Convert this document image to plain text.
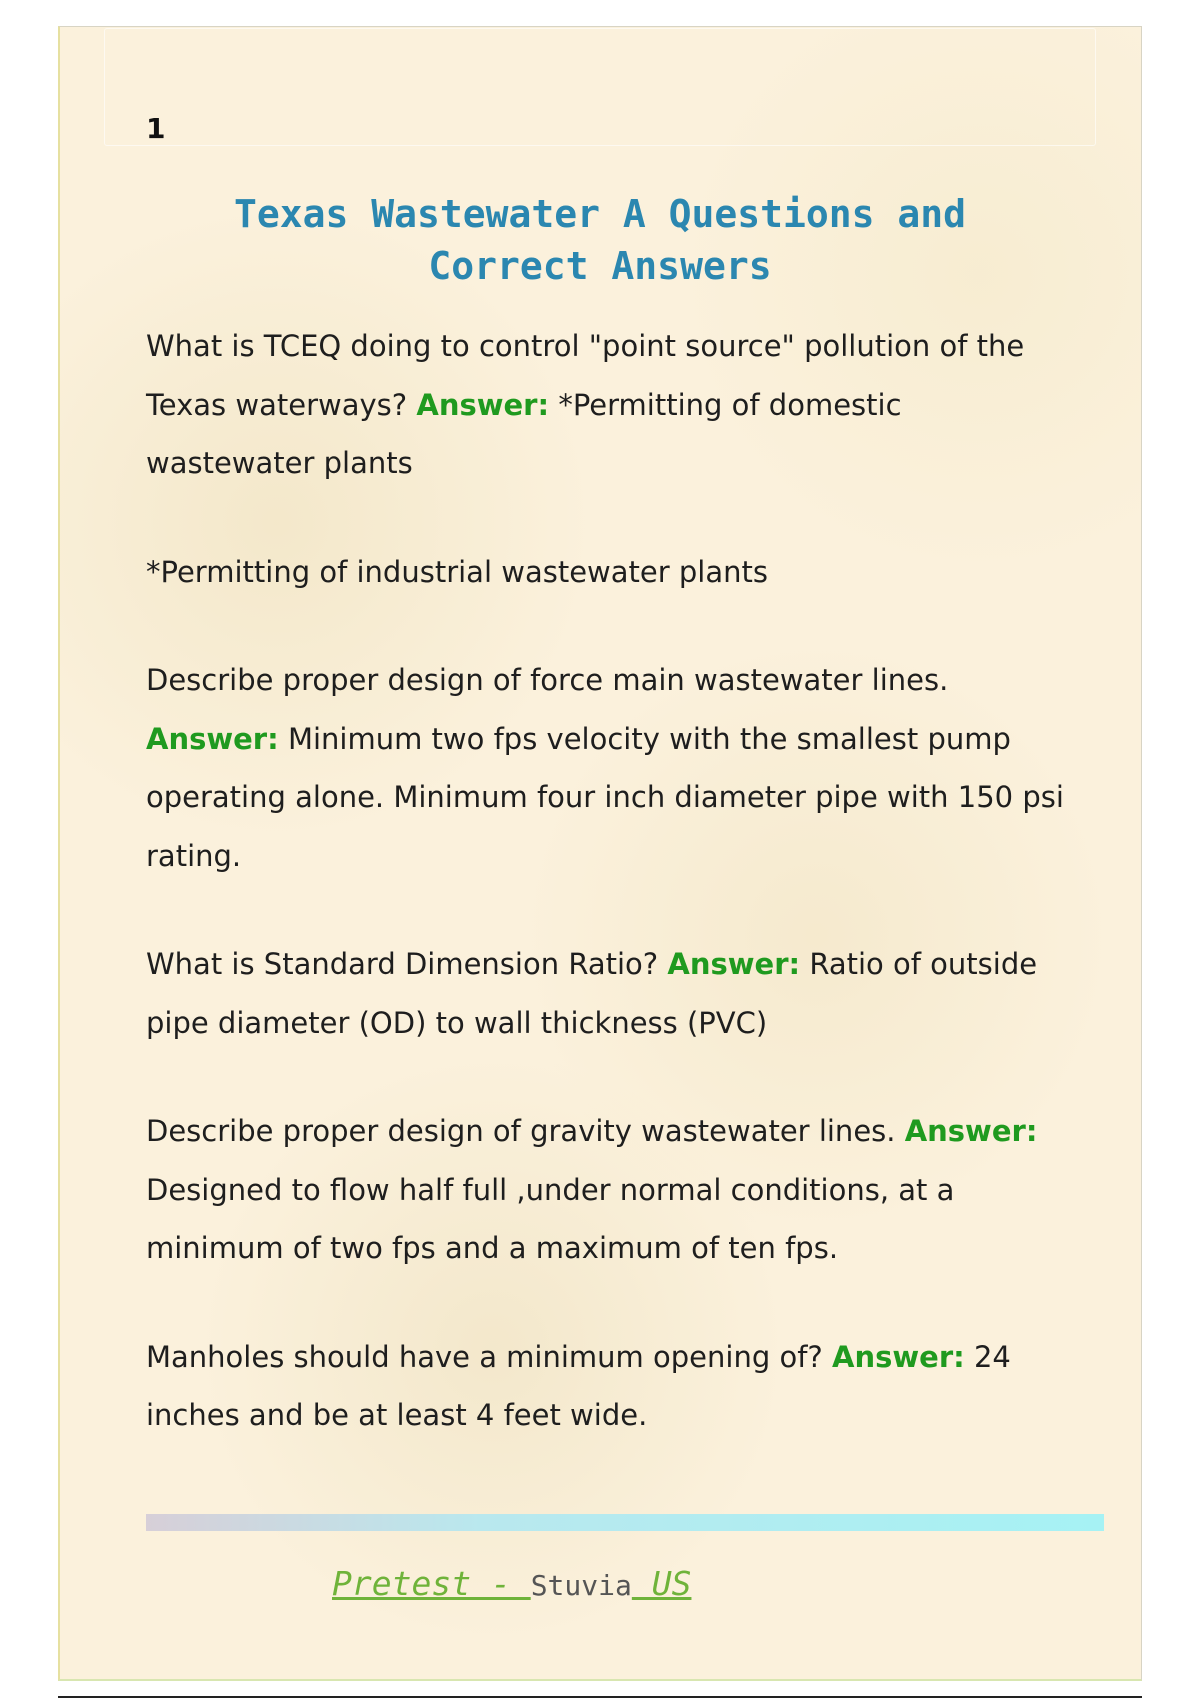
1
Texas Wastewater A Questions and Correct Answers

What is TCEQ doing to control "point source" pollution of the Texas waterways? Answer: *Permitting of domestic wastewater plants

*Permitting of industrial wastewater plants

Describe proper design of force main wastewater lines. Answer: Minimum two fps velocity with the smallest pump operating alone. Minimum four inch diameter pipe with 150 psi rating.

What is Standard Dimension Ratio? Answer: Ratio of outside pipe diameter (OD) to wall thickness (PVC)

Describe proper design of gravity wastewater lines. Answer: Designed to flow half full ,under normal conditions, at a minimum of two fps and a maximum of ten fps.

Manholes should have a minimum opening of? Answer: 24 inches and be at least 4 feet wide.

Pretest - Stuvia US
